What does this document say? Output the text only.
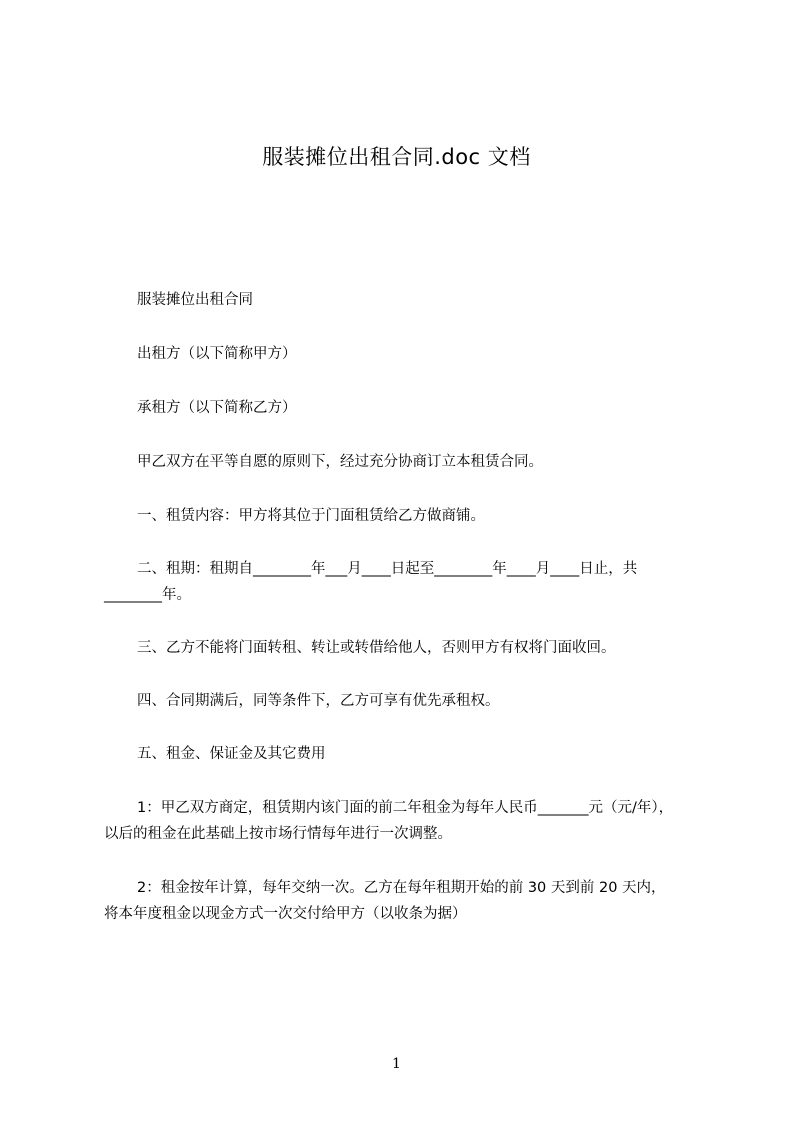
服装摊位出租合同.doc 文档
服装摊位出租合同
出租方（以下简称甲方）
承租方（以下简称乙方）
甲乙双方在平等自愿的原则下，经过充分协商订立本租赁合同。
一、租赁内容：甲方将其位于门面租赁给乙方做商铺。
二、租期：租期自________年___月____日起至________年____月____日止，共
________年。
三、乙方不能将门面转租、转让或转借给他人，否则甲方有权将门面收回。
四、合同期满后，同等条件下，乙方可享有优先承租权。
五、租金、保证金及其它费用
1：甲乙双方商定，租赁期内该门面的前二年租金为每年人民币_______元（元/年），
以后的租金在此基础上按市场行情每年进行一次调整。
2：租金按年计算，每年交纳一次。乙方在每年租期开始的前 30 天到前 20 天内，
将本年度租金以现金方式一次交付给甲方（以收条为据）
1
